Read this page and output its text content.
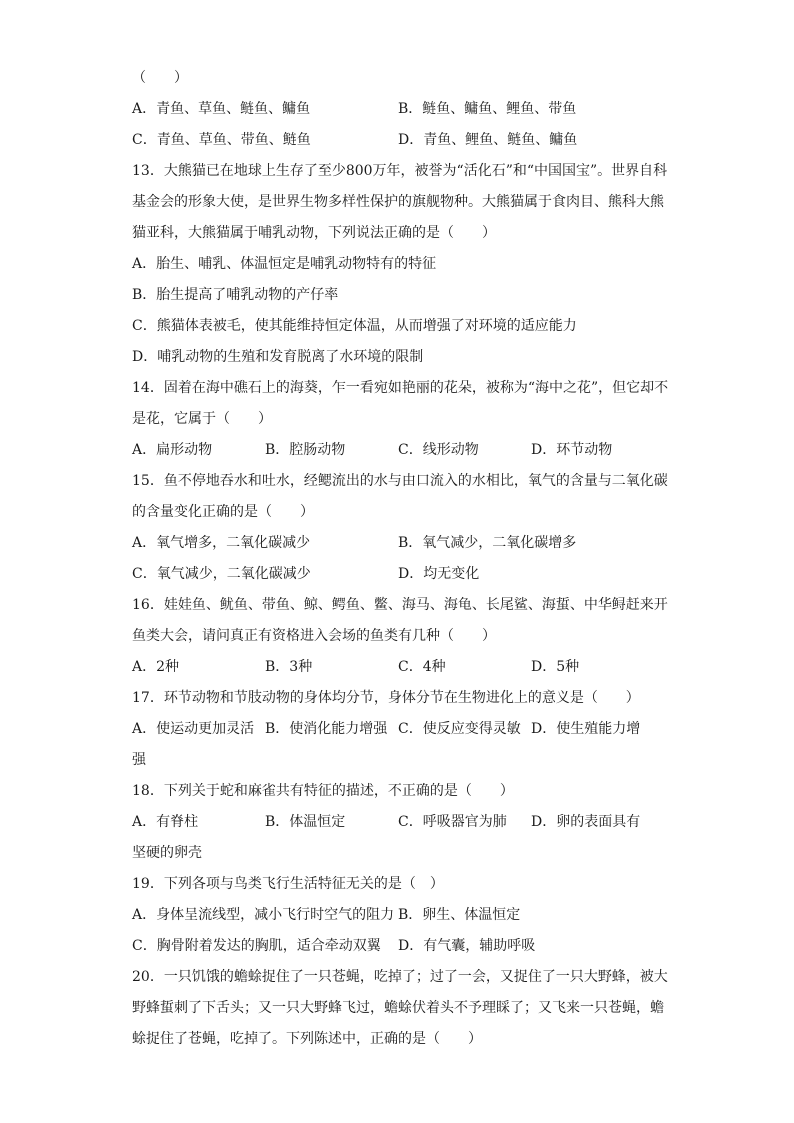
（　　）

A．青鱼、草鱼、鲢鱼、鳙鱼	B．鲢鱼、鳙鱼、鲤鱼、带鱼
C．青鱼、草鱼、带鱼、鲢鱼	D．青鱼、鲤鱼、鲢鱼、鳙鱼

13．大熊猫已在地球上生存了至少800万年，被誉为“活化石”和“中国国宝”。世界自科

基金会的形象大使，是世界生物多样性保护的旗舰物种。大熊猫属于食肉目、熊科大熊

猫亚科，大熊猫属于哺乳动物，下列说法正确的是（　　）

A．胎生、哺乳、体温恒定是哺乳动物特有的特征

B．胎生提高了哺乳动物的产仔率

C．熊猫体表被毛，使其能维持恒定体温，从而增强了对环境的适应能力

D．哺乳动物的生殖和发育脱离了水环境的限制

14．固着在海中礁石上的海葵，乍一看宛如艳丽的花朵，被称为“海中之花”，但它却不

是花，它属于（　　）

A．扁形动物	B．腔肠动物	C．线形动物	D．环节动物

15．鱼不停地吞水和吐水，经鳃流出的水与由口流入的水相比，氧气的含量与二氧化碳

的含量变化正确的是（　　）

A．氧气增多，二氧化碳减少	B．氧气减少，二氧化碳增多
C．氧气减少，二氧化碳减少	D．均无变化

16．娃娃鱼、鱿鱼、带鱼、鲸、鳄鱼、鳖、海马、海龟、长尾鲨、海蜇、中华鲟赶来开

鱼类大会，请问真正有资格进入会场的鱼类有几种（　　）

A．2种	B．3种	C．4种	D．5种

17．环节动物和节肢动物的身体均分节，身体分节在生物进化上的意义是（　　）

A．使运动更加灵活 B．使消化能力增强 C．使反应变得灵敏 D．使生殖能力增

强

18．下列关于蛇和麻雀共有特征的描述，不正确的是（　　）

A．有脊柱	B．体温恒定	C．呼吸器官为肺	D．卵的表面具有

坚硬的卵壳

19．下列各项与鸟类飞行生活特征无关的是（　）

A．身体呈流线型，减小飞行时空气的阻力 B．卵生、体温恒定
C．胸骨附着发达的胸肌，适合牵动双翼	D．有气囊，辅助呼吸

20．一只饥饿的蟾蜍捉住了一只苍蝇，吃掉了；过了一会，又捉住了一只大野蜂，被大

野蜂蜇刺了下舌头；又一只大野蜂飞过，蟾蜍伏着头不予理睬了；又飞来一只苍蝇，蟾

蜍捉住了苍蝇，吃掉了。下列陈述中，正确的是（　　）
